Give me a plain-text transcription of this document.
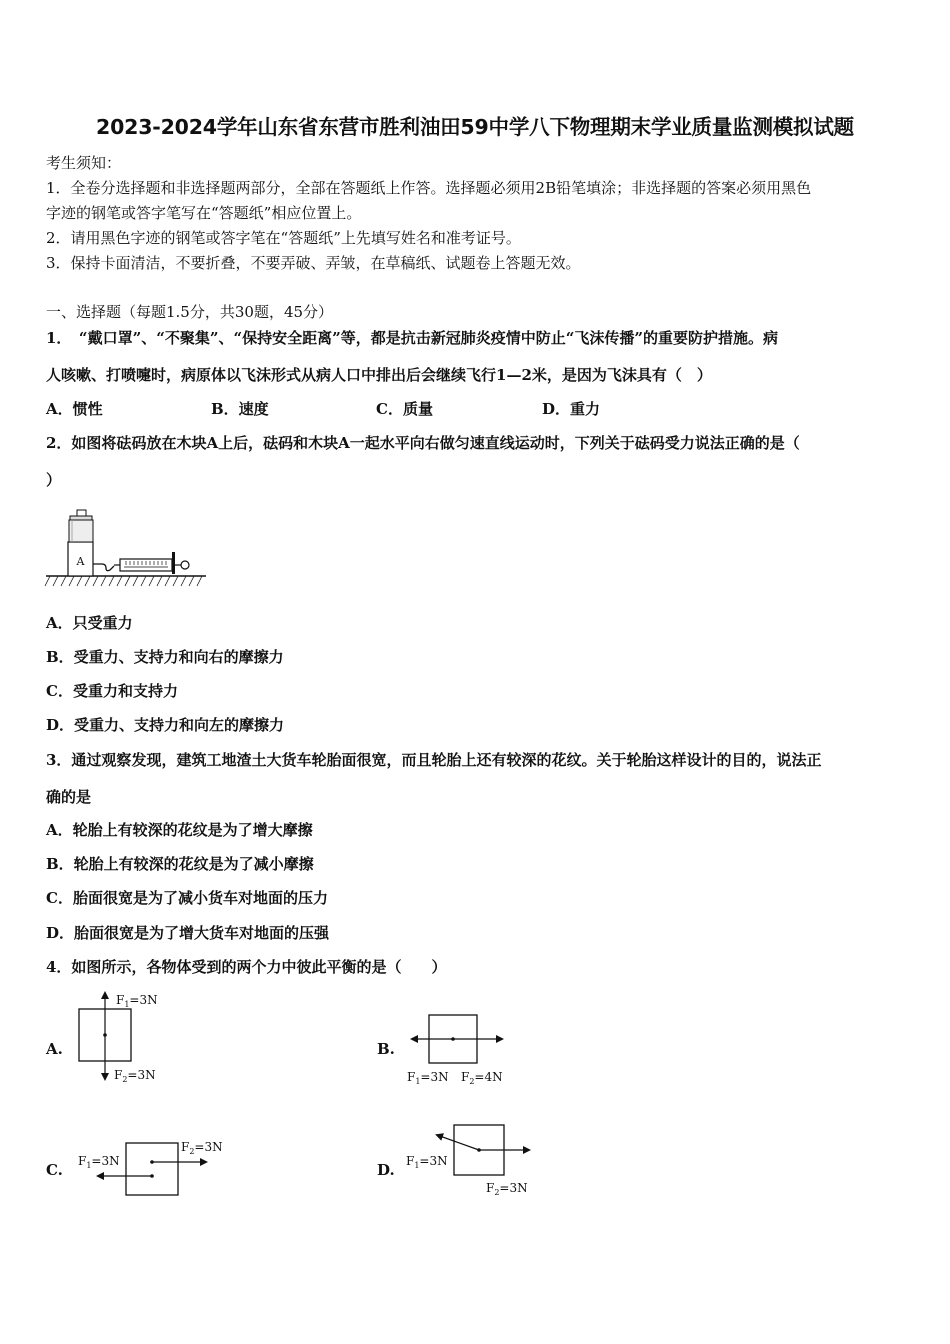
2023-2024学年山东省东营市胜利油田59中学八下物理期末学业质量监测模拟试题

考生须知：

1．全卷分选择题和非选择题两部分，全部在答题纸上作答。选择题必须用2B铅笔填涂；非选择题的答案必须用黑色

字迹的钢笔或答字笔写在“答题纸”相应位置上。

2．请用黑色字迹的钢笔或答字笔在“答题纸”上先填写姓名和准考证号。

3．保持卡面清洁，不要折叠，不要弄破、弄皱，在草稿纸、试题卷上答题无效。

一、选择题（每题1.5分，共30题，45分）

1．　“戴口罩”、“不聚集”、“保持安全距离”等，都是抗击新冠肺炎疫情中防止“飞沫传播”的重要防护措施。病

人咳嗽、打喷嚏时，病原体以飞沫形式从病人口中排出后会继续飞行1—2米，是因为飞沫具有（　）

A．惯性	B．速度	C．质量	D．重力

2．如图将砝码放在木块A上后，砝码和木块A一起水平向右做匀速直线运动时，下列关于砝码受力说法正确的是（

）

A

A．只受重力

B．受重力、支持力和向右的摩擦力

C．受重力和支持力

D．受重力、支持力和向左的摩擦力

3．通过观察发现，建筑工地渣土大货车轮胎面很宽，而且轮胎上还有较深的花纹。关于轮胎这样设计的目的，说法正

确的是

A．轮胎上有较深的花纹是为了增大摩擦

B．轮胎上有较深的花纹是为了减小摩擦

C．胎面很宽是为了减小货车对地面的压力

D．胎面很宽是为了增大货车对地面的压强

4．如图所示，各物体受到的两个力中彼此平衡的是（　　）

A.
$F_1=3N$
$F_2=3N$
B.
$F_1=3N$ $F_2=4N$
C. $F_1=3N$
$F_2=3N$
D. $F_1=3N$
$F_2=3N$
